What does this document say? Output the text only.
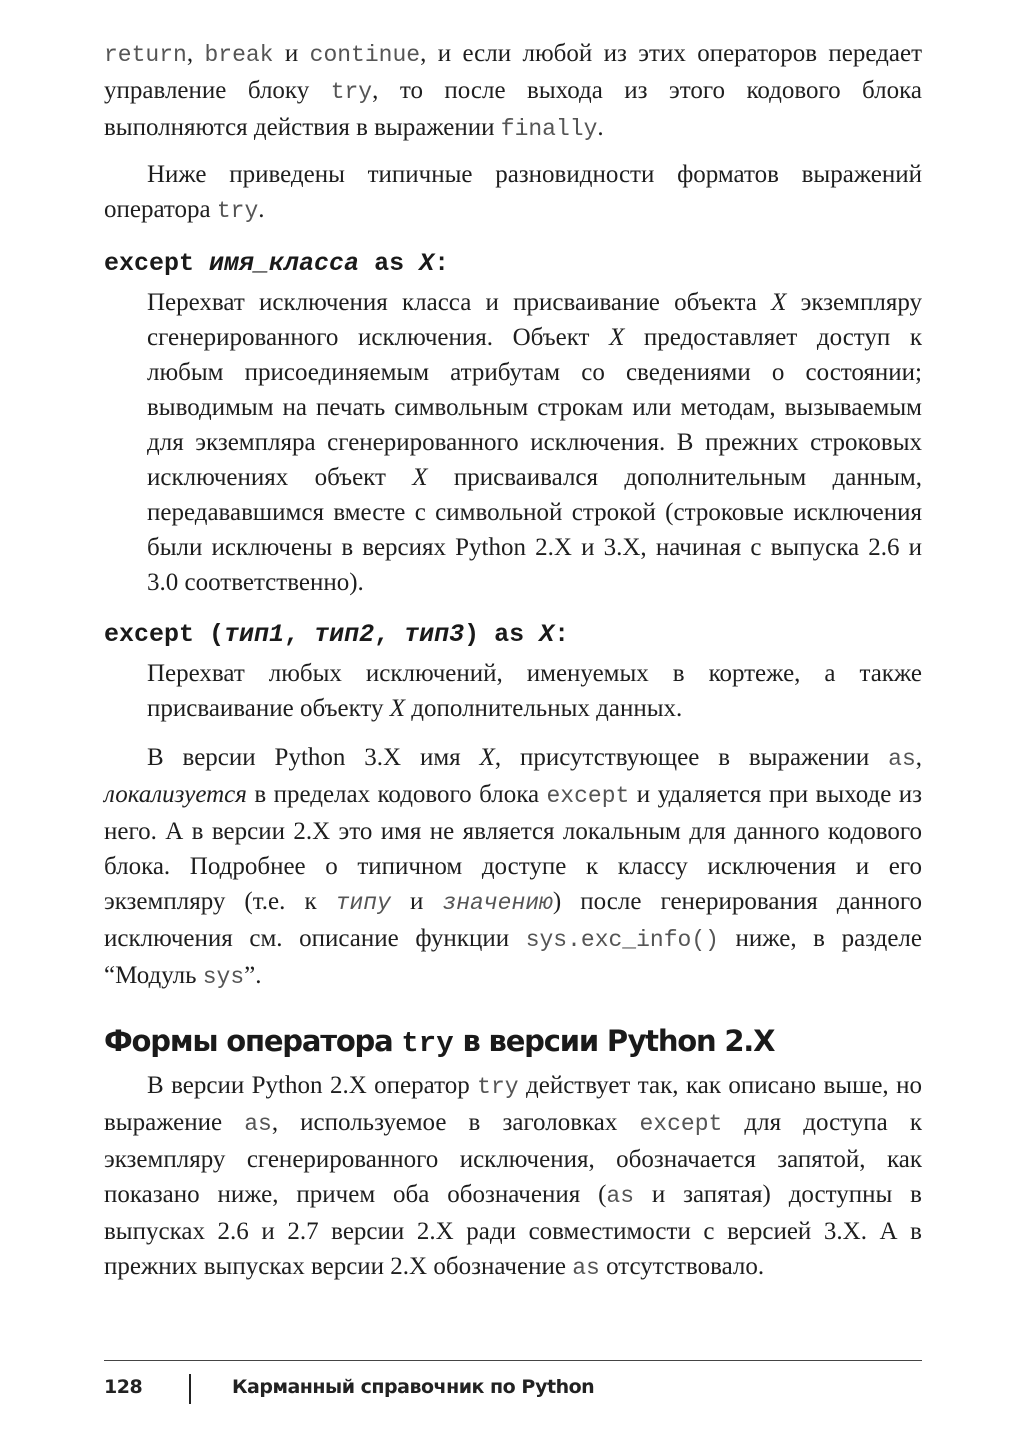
return, break и continue, и если любой из этих операторов передает управление блоку try, то после выхода из этого кодового блока выполняются действия в выражении finally.

Ниже приведены типичные разновидности форматов выражений оператора try.

except имя_класса as X:

Перехват исключения класса и присваивание объекта X экземпляру сгенерированного исключения. Объект X предоставляет доступ к любым присоединяемым атрибутам со сведениями о состоянии; выводимым на печать символьным строкам или методам, вызываемым для экземпляра сгенерированного исключения. В прежних строковых исключениях объект X присваивался дополнительным данным, передававшимся вместе с символьной строкой (строковые исключения были исключены в версиях Python 2.X и 3.X, начиная с выпуска 2.6 и 3.0 соответственно).

except (тип1, тип2, тип3) as X:

Перехват любых исключений, именуемых в кортеже, а также присваивание объекту X дополнительных данных.

В версии Python 3.X имя X, присутствующее в выражении as, локализуется в пределах кодового блока except и удаляется при выходе из него. А в версии 2.X это имя не является локальным для данного кодового блока. Подробнее о типичном доступе к классу исключения и его экземпляру (т.е. к типу и значению) после генерирования данного исключения см. описание функции sys.exc_info() ниже, в разделе “Модуль sys”.

Формы оператора try в версии Python 2.X

В версии Python 2.X оператор try действует так, как описано выше, но выражение as, используемое в заголовках except для доступа к экземпляру сгенерированного исключения, обозначается запятой, как показано ниже, причем оба обозначения (as и запятая) доступны в выпусках 2.6 и 2.7 версии 2.X ради совместимости с версией 3.X. А в прежних выпусках версии 2.X обозначение as отсутствовало.

128	Карманный справочник по Python
